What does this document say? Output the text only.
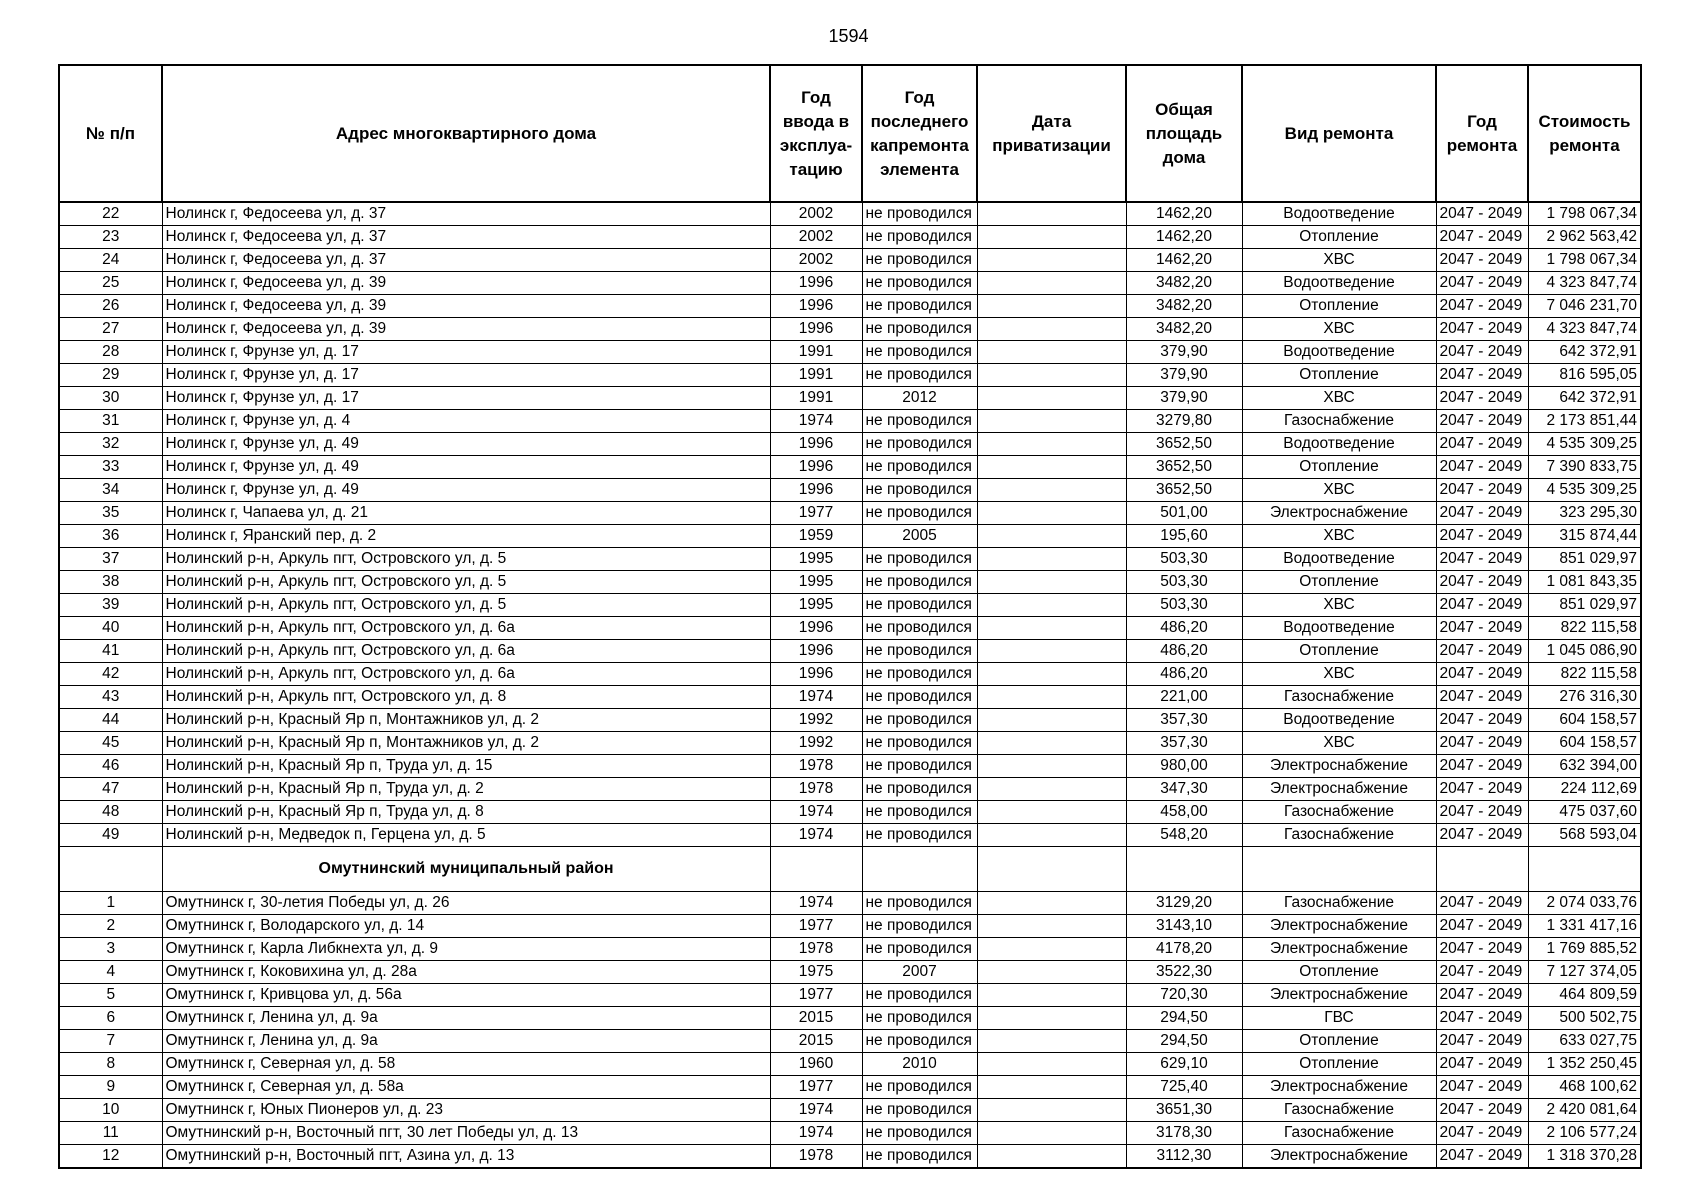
1594
№ п/п	Адрес многоквартирного дома	Год ввода в эксплуа-тацию	Год последнего капремонта элемента	Дата приватизации	Общая площадь дома	Вид ремонта	Год ремонта	Стоимость ремонта
22	Нолинск г, Федосеева ул, д. 37	2002	не проводился		1462,20	Водоотведение	2047 - 2049	1 798 067,34
23	Нолинск г, Федосеева ул, д. 37	2002	не проводился		1462,20	Отопление	2047 - 2049	2 962 563,42
24	Нолинск г, Федосеева ул, д. 37	2002	не проводился		1462,20	ХВС	2047 - 2049	1 798 067,34
25	Нолинск г, Федосеева ул, д. 39	1996	не проводился		3482,20	Водоотведение	2047 - 2049	4 323 847,74
26	Нолинск г, Федосеева ул, д. 39	1996	не проводился		3482,20	Отопление	2047 - 2049	7 046 231,70
27	Нолинск г, Федосеева ул, д. 39	1996	не проводился		3482,20	ХВС	2047 - 2049	4 323 847,74
28	Нолинск г, Фрунзе ул, д. 17	1991	не проводился		379,90	Водоотведение	2047 - 2049	642 372,91
29	Нолинск г, Фрунзе ул, д. 17	1991	не проводился		379,90	Отопление	2047 - 2049	816 595,05
30	Нолинск г, Фрунзе ул, д. 17	1991	2012		379,90	ХВС	2047 - 2049	642 372,91
31	Нолинск г, Фрунзе ул, д. 4	1974	не проводился		3279,80	Газоснабжение	2047 - 2049	2 173 851,44
32	Нолинск г, Фрунзе ул, д. 49	1996	не проводился		3652,50	Водоотведение	2047 - 2049	4 535 309,25
33	Нолинск г, Фрунзе ул, д. 49	1996	не проводился		3652,50	Отопление	2047 - 2049	7 390 833,75
34	Нолинск г, Фрунзе ул, д. 49	1996	не проводился		3652,50	ХВС	2047 - 2049	4 535 309,25
35	Нолинск г, Чапаева ул, д. 21	1977	не проводился		501,00	Электроснабжение	2047 - 2049	323 295,30
36	Нолинск г, Яранский пер, д. 2	1959	2005		195,60	ХВС	2047 - 2049	315 874,44
37	Нолинский р-н, Аркуль пгт, Островского ул, д. 5	1995	не проводился		503,30	Водоотведение	2047 - 2049	851 029,97
38	Нолинский р-н, Аркуль пгт, Островского ул, д. 5	1995	не проводился		503,30	Отопление	2047 - 2049	1 081 843,35
39	Нолинский р-н, Аркуль пгт, Островского ул, д. 5	1995	не проводился		503,30	ХВС	2047 - 2049	851 029,97
40	Нолинский р-н, Аркуль пгт, Островского ул, д. 6а	1996	не проводился		486,20	Водоотведение	2047 - 2049	822 115,58
41	Нолинский р-н, Аркуль пгт, Островского ул, д. 6а	1996	не проводился		486,20	Отопление	2047 - 2049	1 045 086,90
42	Нолинский р-н, Аркуль пгт, Островского ул, д. 6а	1996	не проводился		486,20	ХВС	2047 - 2049	822 115,58
43	Нолинский р-н, Аркуль пгт, Островского ул, д. 8	1974	не проводился		221,00	Газоснабжение	2047 - 2049	276 316,30
44	Нолинский р-н, Красный Яр п, Монтажников ул, д. 2	1992	не проводился		357,30	Водоотведение	2047 - 2049	604 158,57
45	Нолинский р-н, Красный Яр п, Монтажников ул, д. 2	1992	не проводился		357,30	ХВС	2047 - 2049	604 158,57
46	Нолинский р-н, Красный Яр п, Труда ул, д. 15	1978	не проводился		980,00	Электроснабжение	2047 - 2049	632 394,00
47	Нолинский р-н, Красный Яр п, Труда ул, д. 2	1978	не проводился		347,30	Электроснабжение	2047 - 2049	224 112,69
48	Нолинский р-н, Красный Яр п, Труда ул, д. 8	1974	не проводился		458,00	Газоснабжение	2047 - 2049	475 037,60
49	Нолинский р-н, Медведок п, Герцена ул, д. 5	1974	не проводился		548,20	Газоснабжение	2047 - 2049	568 593,04
	Омутнинский муниципальный район							
1	Омутнинск г, 30-летия Победы ул, д. 26	1974	не проводился		3129,20	Газоснабжение	2047 - 2049	2 074 033,76
2	Омутнинск г, Володарского ул, д. 14	1977	не проводился		3143,10	Электроснабжение	2047 - 2049	1 331 417,16
3	Омутнинск г, Карла Либкнехта ул, д. 9	1978	не проводился		4178,20	Электроснабжение	2047 - 2049	1 769 885,52
4	Омутнинск г, Коковихина ул, д. 28а	1975	2007		3522,30	Отопление	2047 - 2049	7 127 374,05
5	Омутнинск г, Кривцова ул, д. 56а	1977	не проводился		720,30	Электроснабжение	2047 - 2049	464 809,59
6	Омутнинск г, Ленина ул, д. 9а	2015	не проводился		294,50	ГВС	2047 - 2049	500 502,75
7	Омутнинск г, Ленина ул, д. 9а	2015	не проводился		294,50	Отопление	2047 - 2049	633 027,75
8	Омутнинск г, Северная ул, д. 58	1960	2010		629,10	Отопление	2047 - 2049	1 352 250,45
9	Омутнинск г, Северная ул, д. 58а	1977	не проводился		725,40	Электроснабжение	2047 - 2049	468 100,62
10	Омутнинск г, Юных Пионеров ул, д. 23	1974	не проводился		3651,30	Газоснабжение	2047 - 2049	2 420 081,64
11	Омутнинский р-н, Восточный пгт, 30 лет Победы ул, д. 13	1974	не проводился		3178,30	Газоснабжение	2047 - 2049	2 106 577,24
12	Омутнинский р-н, Восточный пгт, Азина ул, д. 13	1978	не проводился		3112,30	Электроснабжение	2047 - 2049	1 318 370,28
